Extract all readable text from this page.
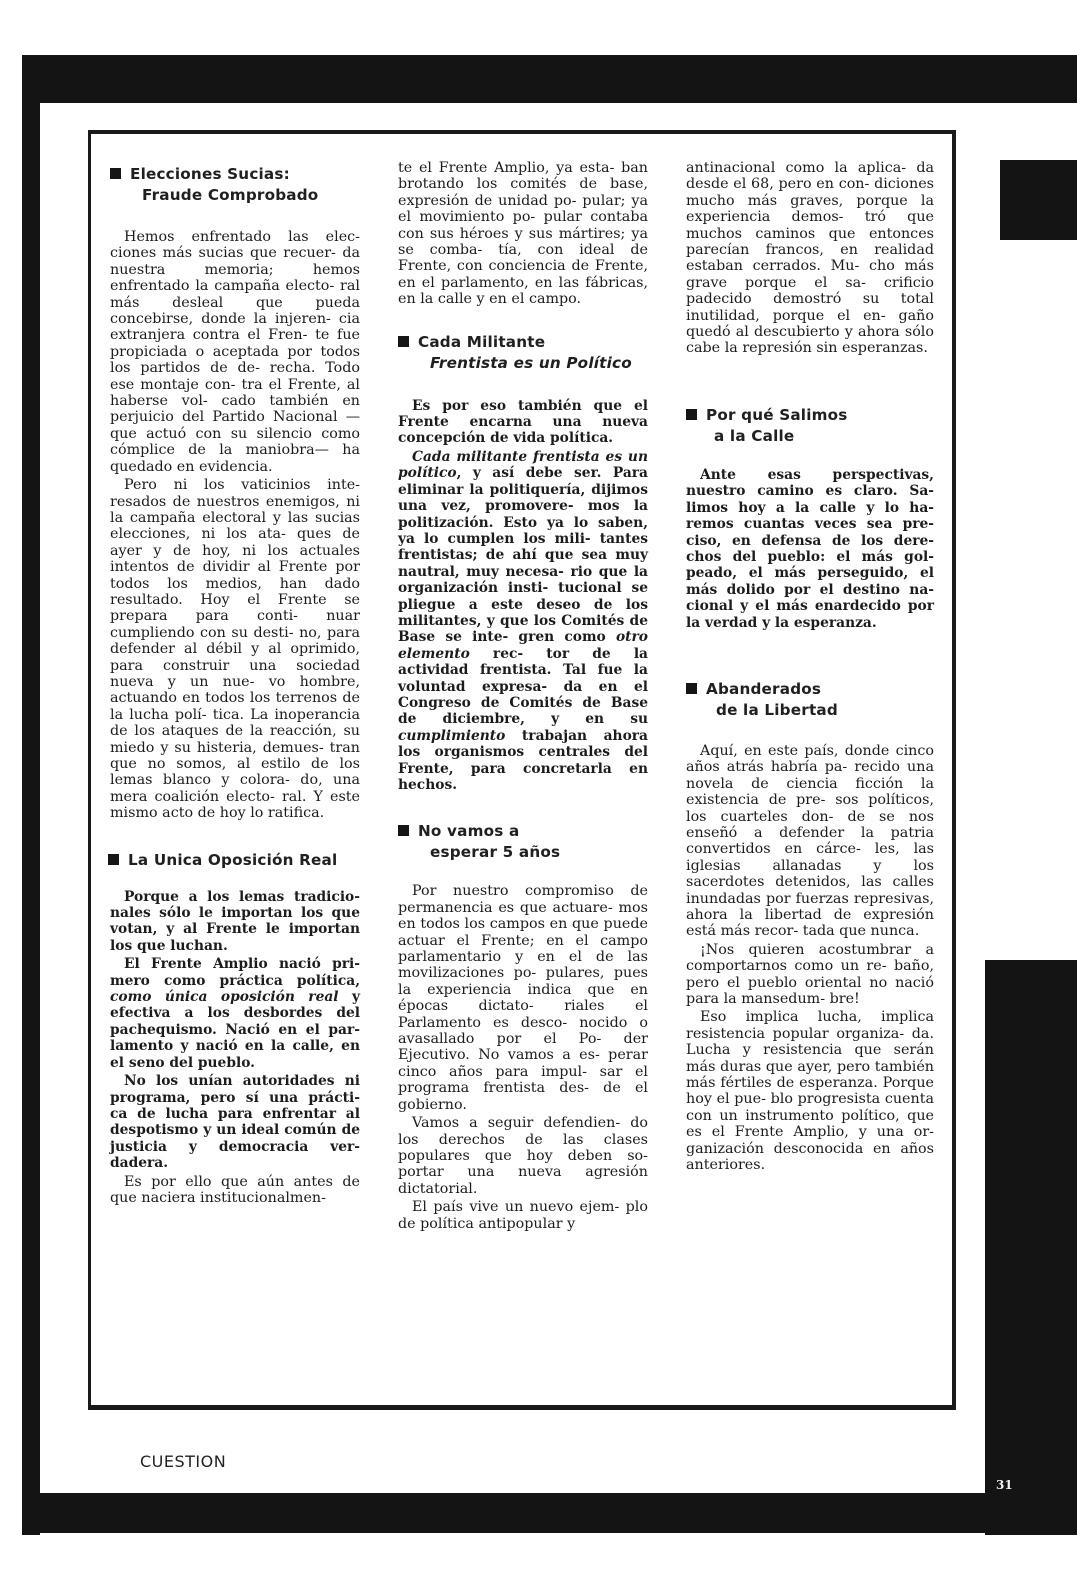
31
Elecciones Sucias:
Fraude Comprobado

Hemos enfrentado las elec- ciones más sucias que recuer- da nuestra memoria; hemos enfrentado la campaña electo- ral más desleal que pueda concebirse, donde la injeren- cia extranjera contra el Fren- te fue propiciada o aceptada por todos los partidos de de- recha. Todo ese montaje con- tra el Frente, al haberse vol- cado también en perjuicio del Partido Nacional —que actuó con su silencio como cómplice de la maniobra— ha quedado en evidencia.

Pero ni los vaticinios inte- resados de nuestros enemigos, ni la campaña electoral y las sucias elecciones, ni los ata- ques de ayer y de hoy, ni los actuales intentos de dividir al Frente por todos los medios, han dado resultado. Hoy el Frente se prepara para conti- nuar cumpliendo con su desti- no, para defender al débil y al oprimido, para construir una sociedad nueva y un nue- vo hombre, actuando en todos los terrenos de la lucha polí- tica. La inoperancia de los ataques de la reacción, su miedo y su histeria, demues- tran que no somos, al estilo de los lemas blanco y colora- do, una mera coalición electo- ral. Y este mismo acto de hoy lo ratifica.

La Unica Oposición Real

Porque a los lemas tradicio- nales sólo le importan los que votan, y al Frente le importan los que luchan.

El Frente Amplio nació pri- mero como práctica política, como única oposición real y efectiva a los desbordes del pachequismo. Nació en el par- lamento y nació en la calle, en el seno del pueblo.

No los unían autoridades ni programa, pero sí una prácti- ca de lucha para enfrentar al despotismo y un ideal común de justicia y democracia ver- dadera.

Es por ello que aún antes de que naciera institucionalmen-

te el Frente Amplio, ya esta- ban brotando los comités de base, expresión de unidad po- pular; ya el movimiento po- pular contaba con sus héroes y sus mártires; ya se comba- tía, con ideal de Frente, con conciencia de Frente, en el parlamento, en las fábricas, en la calle y en el campo.

Cada Militante
Frentista es un Político

Es por eso también que el Frente encarna una nueva concepción de vida política.

Cada militante frentista es un político, y así debe ser. Para eliminar la politiquería, dijimos una vez, promovere- mos la politización. Esto ya lo saben, ya lo cumplen los mili- tantes frentistas; de ahí que sea muy nautral, muy necesa- rio que la organización insti- tucional se pliegue a este deseo de los militantes, y que los Comités de Base se inte- gren como otro elemento rec- tor de la actividad frentista. Tal fue la voluntad expresa- da en el Congreso de Comités de Base de diciembre, y en su cumplimiento trabajan ahora los organismos centrales del Frente, para concretarla en hechos.

No vamos a
esperar 5 años

Por nuestro compromiso de permanencia es que actuare- mos en todos los campos en que puede actuar el Frente; en el campo parlamentario y en el de las movilizaciones po- pulares, pues la experiencia indica que en épocas dictato- riales el Parlamento es desco- nocido o avasallado por el Po- der Ejecutivo. No vamos a es- perar cinco años para impul- sar el programa frentista des- de el gobierno.

Vamos a seguir defendien- do los derechos de las clases populares que hoy deben so- portar una nueva agresión dictatorial.

El país vive un nuevo ejem- plo de política antipopular y

antinacional como la aplica- da desde el 68, pero en con- diciones mucho más graves, porque la experiencia demos- tró que muchos caminos que entonces parecían francos, en realidad estaban cerrados. Mu- cho más grave porque el sa- crificio padecido demostró su total inutilidad, porque el en- gaño quedó al descubierto y ahora sólo cabe la represión sin esperanzas.

Por qué Salimos
a la Calle

Ante esas perspectivas, nuestro camino es claro. Sa- limos hoy a la calle y lo ha- remos cuantas veces sea pre- ciso, en defensa de los dere- chos del pueblo: el más gol- peado, el más perseguido, el más dolido por el destino na- cional y el más enardecido por la verdad y la esperanza.

Abanderados
de la Libertad

Aquí, en este país, donde cinco años atrás habría pa- recido una novela de ciencia ficción la existencia de pre- sos políticos, los cuarteles don- de se nos enseñó a defender la patria convertidos en cárce- les, las iglesias allanadas y los sacerdotes detenidos, las calles inundadas por fuerzas represivas, ahora la libertad de expresión está más recor- tada que nunca.

¡Nos quieren acostumbrar a comportarnos como un re- baño, pero el pueblo oriental no nació para la mansedum- bre!

Eso implica lucha, implica resistencia popular organiza- da. Lucha y resistencia que serán más duras que ayer, pero también más fértiles de esperanza. Porque hoy el pue- blo progresista cuenta con un instrumento político, que es el Frente Amplio, y una or- ganización desconocida en años anteriores.

CUESTION
